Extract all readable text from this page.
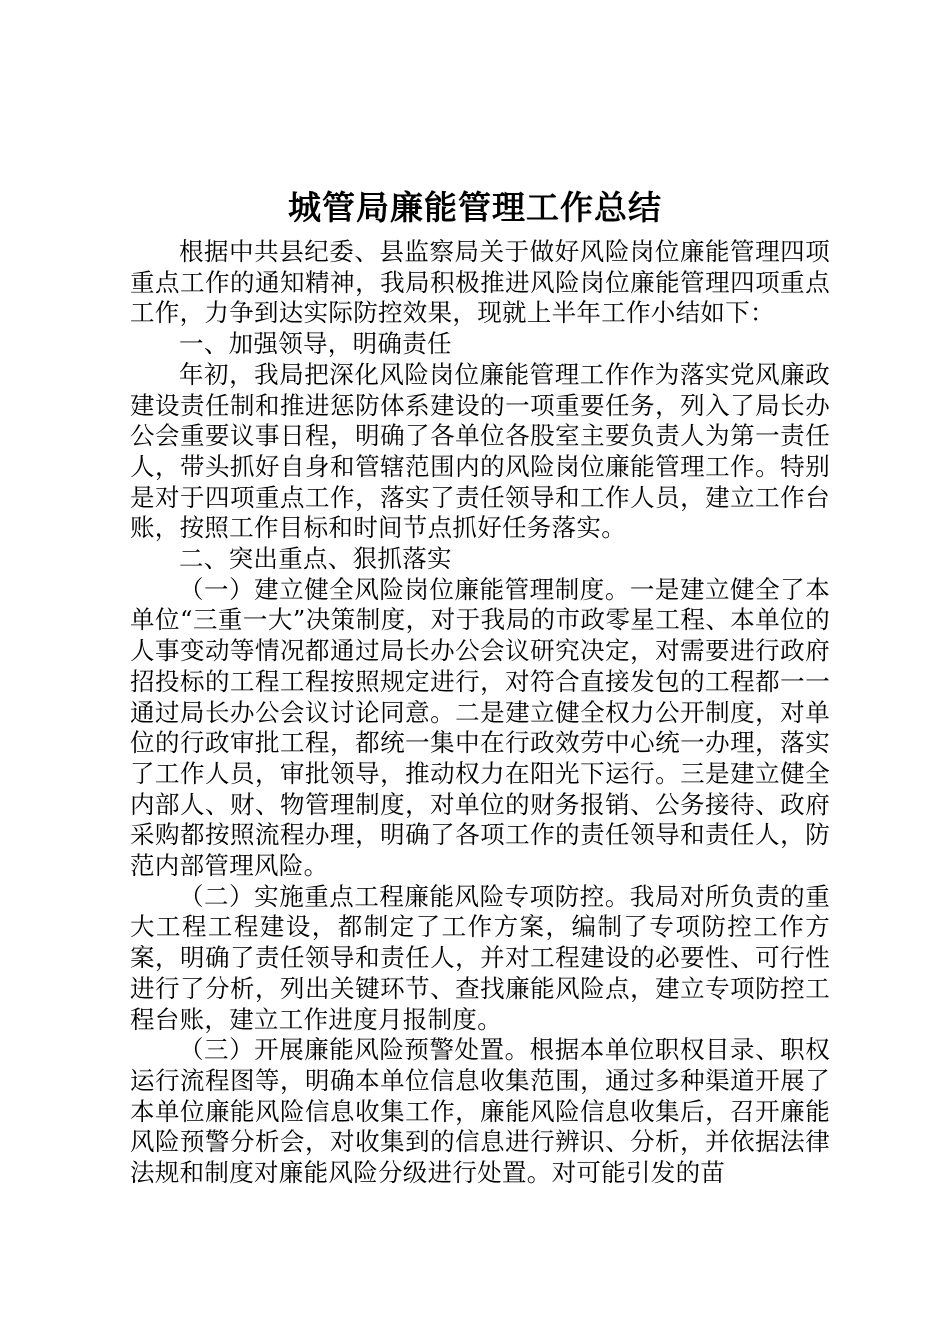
城管局廉能管理工作总结

根据中共县纪委、县监察局关于做好风险岗位廉能管理四项重点工作的通知精神，我局积极推进风险岗位廉能管理四项重点工作，力争到达实际防控效果，现就上半年工作小结如下：

一、加强领导，明确责任

年初，我局把深化风险岗位廉能管理工作作为落实党风廉政建设责任制和推进惩防体系建设的一项重要任务，列入了局长办公会重要议事日程，明确了各单位各股室主要负责人为第一责任人，带头抓好自身和管辖范围内的风险岗位廉能管理工作。特别是对于四项重点工作，落实了责任领导和工作人员，建立工作台账，按照工作目标和时间节点抓好任务落实。

二、突出重点、狠抓落实

（一）建立健全风险岗位廉能管理制度。一是建立健全了本单位“三重一大”决策制度，对于我局的市政零星工程、本单位的人事变动等情况都通过局长办公会议研究决定，对需要进行政府招投标的工程工程按照规定进行，对符合直接发包的工程都一一通过局长办公会议讨论同意。二是建立健全权力公开制度，对单位的行政审批工程，都统一集中在行政效劳中心统一办理，落实了工作人员，审批领导，推动权力在阳光下运行。三是建立健全内部人、财、物管理制度，对单位的财务报销、公务接待、政府采购都按照流程办理，明确了各项工作的责任领导和责任人，防范内部管理风险。

（二）实施重点工程廉能风险专项防控。我局对所负责的重大工程工程建设，都制定了工作方案，编制了专项防控工作方案，明确了责任领导和责任人，并对工程建设的必要性、可行性进行了分析，列出关键环节、查找廉能风险点，建立专项防控工程台账，建立工作进度月报制度。

（三）开展廉能风险预警处置。根据本单位职权目录、职权运行流程图等，明确本单位信息收集范围，通过多种渠道开展了本单位廉能风险信息收集工作，廉能风险信息收集后，召开廉能风险预警分析会，对收集到的信息进行辨识、分析，并依据法律法规和制度对廉能风险分级进行处置。对可能引发的苗
